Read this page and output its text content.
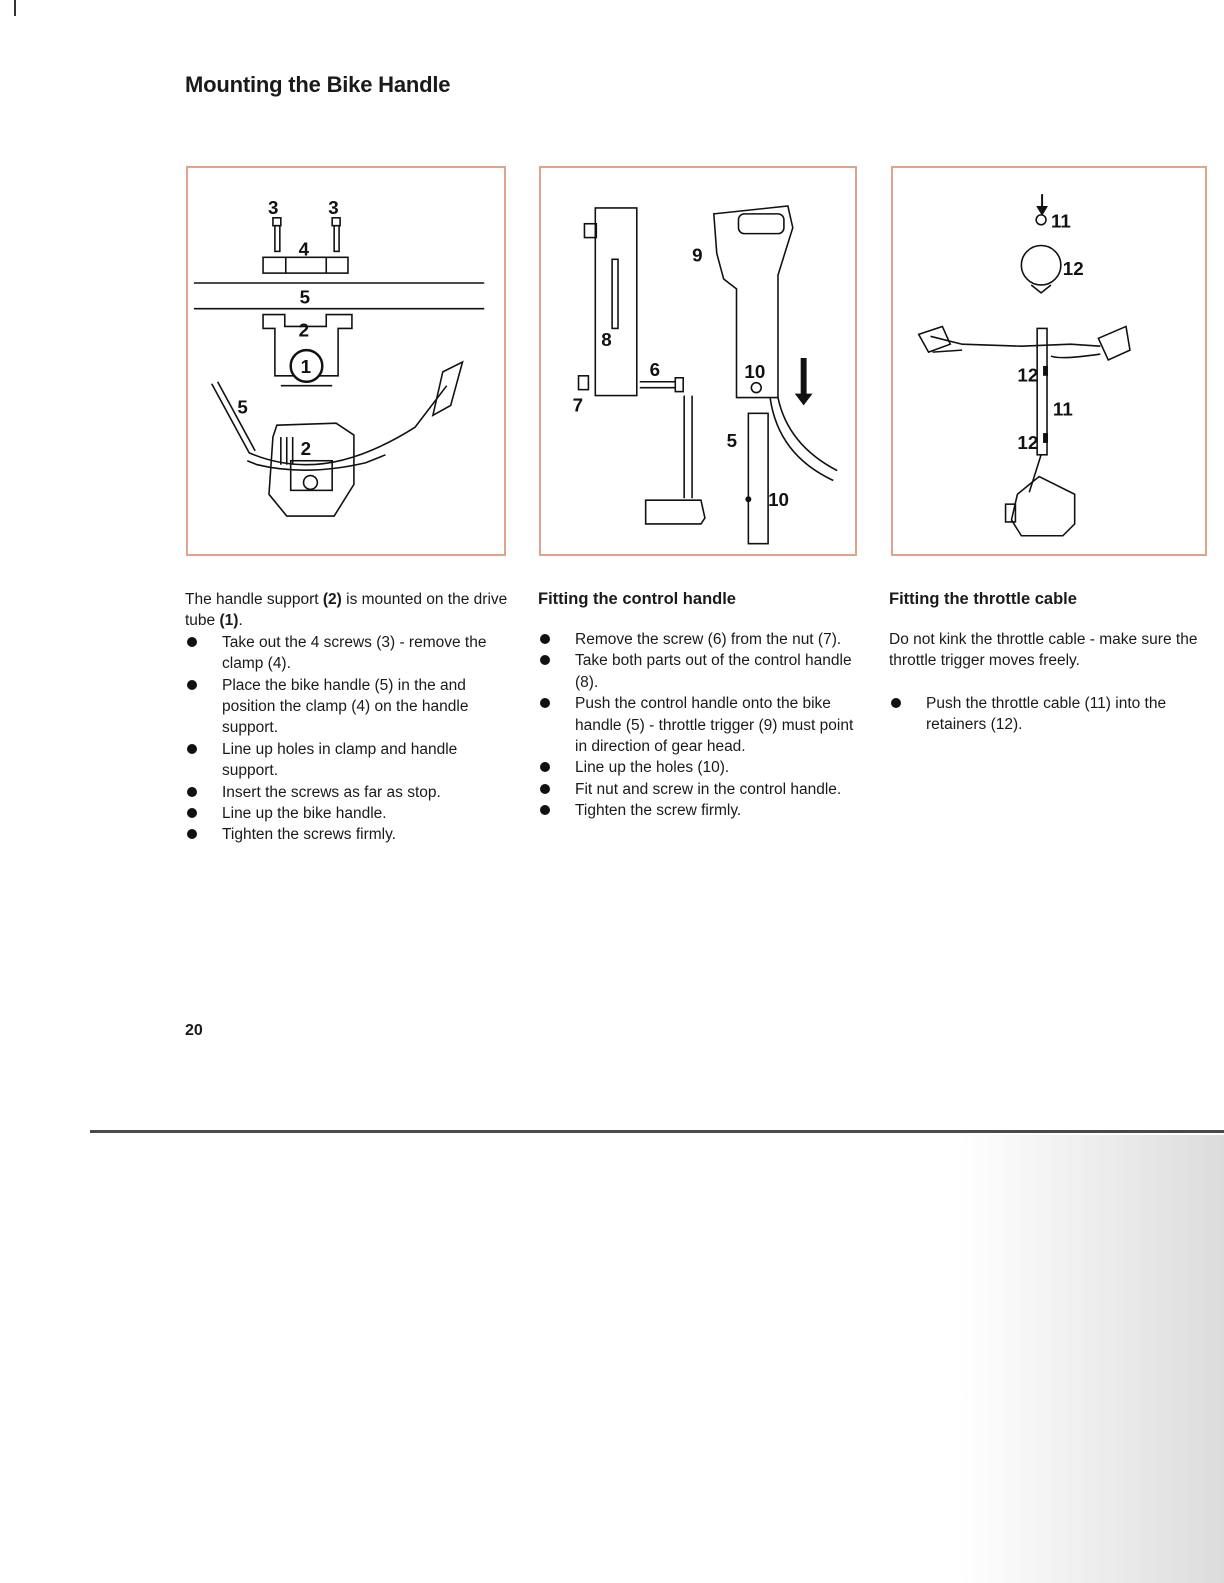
Mounting the Bike Handle
3	3
4
5
2
1
5
2
8
9
6
7
10
5
10
11
12
12
11
12

The handle support (2) is mounted on the drive tube (1).

Take out the 4 screws (3) - remove the clamp (4).
Place the bike handle (5) in the and position the clamp (4) on the handle support.
Line up holes in clamp and handle support.
Insert the screws as far as stop.
Line up the bike handle.
Tighten the screws firmly.
Fitting the control handle
Remove the screw (6) from the nut (7).
Take both parts out of the control handle (8).
Push the control handle onto the bike handle (5) - throttle trigger (9) must point in direction of gear head.
Line up the holes (10).
Fit nut and screw in the control handle.
Tighten the screw firmly.
Fitting the throttle cable

Do not kink the throttle cable - make sure the throttle trigger moves freely.

Push the throttle cable (11) into the retainers (12).
20
